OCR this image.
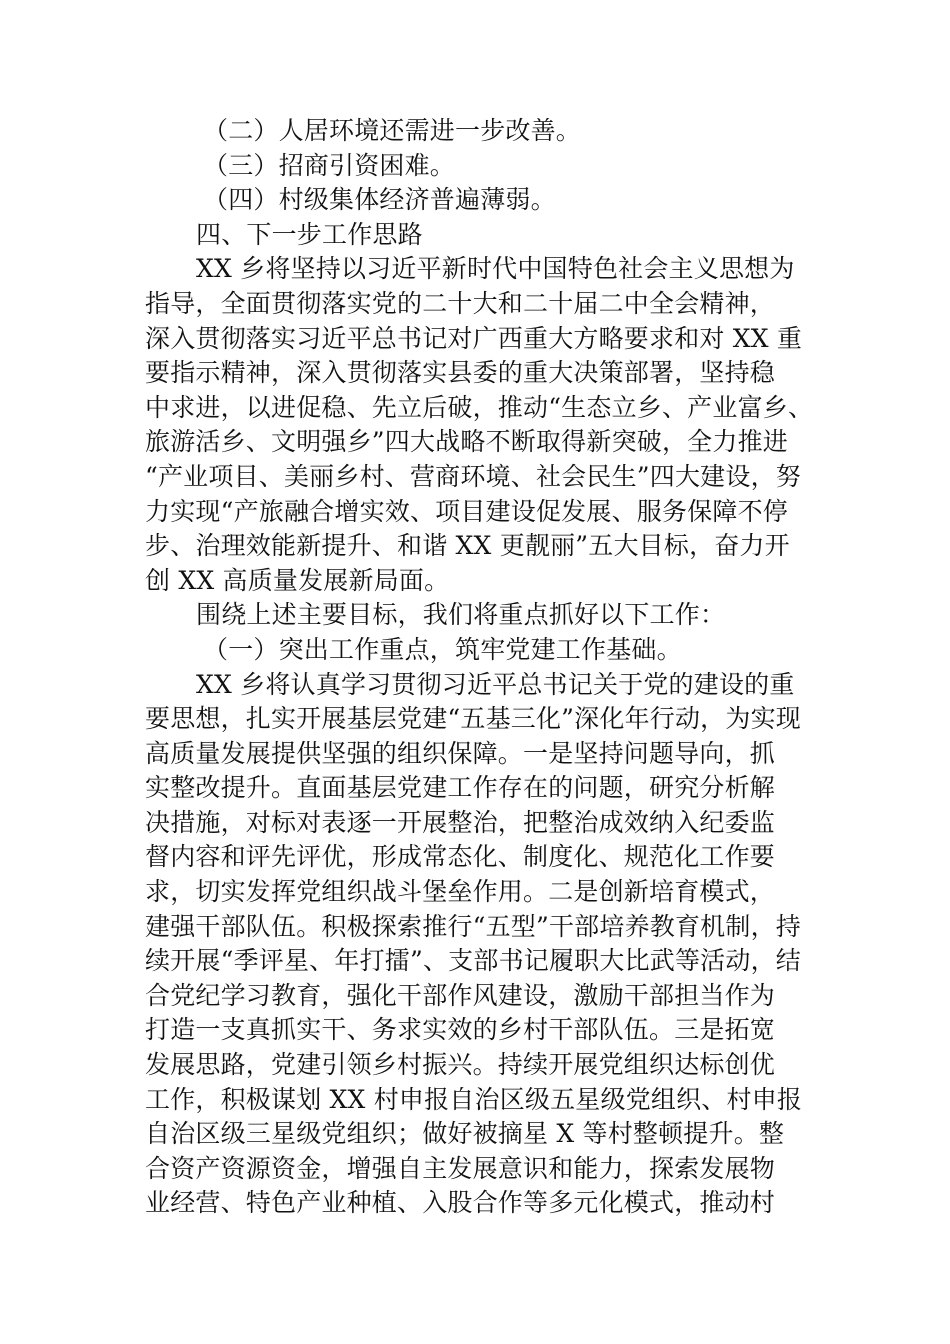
（二）人居环境还需进一步改善。
（三）招商引资困难。
（四）村级集体经济普遍薄弱。
四、下一步工作思路
XX 乡将坚持以习近平新时代中国特色社会主义思想为
指导，全面贯彻落实党的二十大和二十届二中全会精神，
深入贯彻落实习近平总书记对广西重大方略要求和对 XX 重
要指示精神，深入贯彻落实县委的重大决策部署，坚持稳
中求进，以进促稳、先立后破，推动“生态立乡、产业富乡、
旅游活乡、文明强乡”四大战略不断取得新突破，全力推进
“产业项目、美丽乡村、营商环境、社会民生”四大建设，努
力实现“产旅融合增实效、项目建设促发展、服务保障不停
步、治理效能新提升、和谐 XX 更靓丽”五大目标，奋力开
创 XX 高质量发展新局面。
围绕上述主要目标，我们将重点抓好以下工作：
（一）突出工作重点，筑牢党建工作基础。
XX 乡将认真学习贯彻习近平总书记关于党的建设的重
要思想，扎实开展基层党建“五基三化”深化年行动，为实现
高质量发展提供坚强的组织保障。一是坚持问题导向，抓
实整改提升。直面基层党建工作存在的问题，研究分析解
决措施，对标对表逐一开展整治，把整治成效纳入纪委监
督内容和评先评优，形成常态化、制度化、规范化工作要
求，切实发挥党组织战斗堡垒作用。二是创新培育模式，
建强干部队伍。积极探索推行“五型”干部培养教育机制，持
续开展“季评星、年打擂”、支部书记履职大比武等活动，结
合党纪学习教育，强化干部作风建设，激励干部担当作为
打造一支真抓实干、务求实效的乡村干部队伍。三是拓宽
发展思路，党建引领乡村振兴。持续开展党组织达标创优
工作，积极谋划 XX 村申报自治区级五星级党组织、村申报
自治区级三星级党组织；做好被摘星 X 等村整顿提升。整
合资产资源资金，增强自主发展意识和能力，探索发展物
业经营、特色产业种植、入股合作等多元化模式，推动村
